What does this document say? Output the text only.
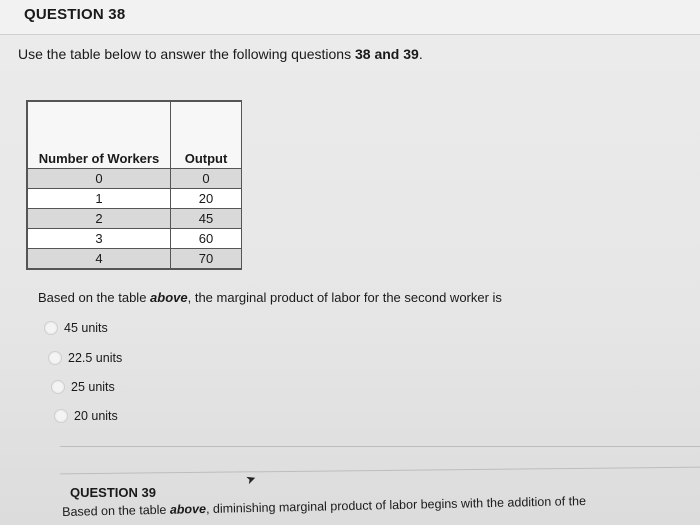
QUESTION 38
Use the table below to answer the following questions 38 and 39.
Number of Workers	Output
0	0
1	20
2	45
3	60
4	70
Based on the table above, the marginal product of labor for the second worker is
45 units
22.5 units
25 units
20 units
➤
QUESTION 39
Based on the table above, diminishing marginal product of labor begins with the addition of the
